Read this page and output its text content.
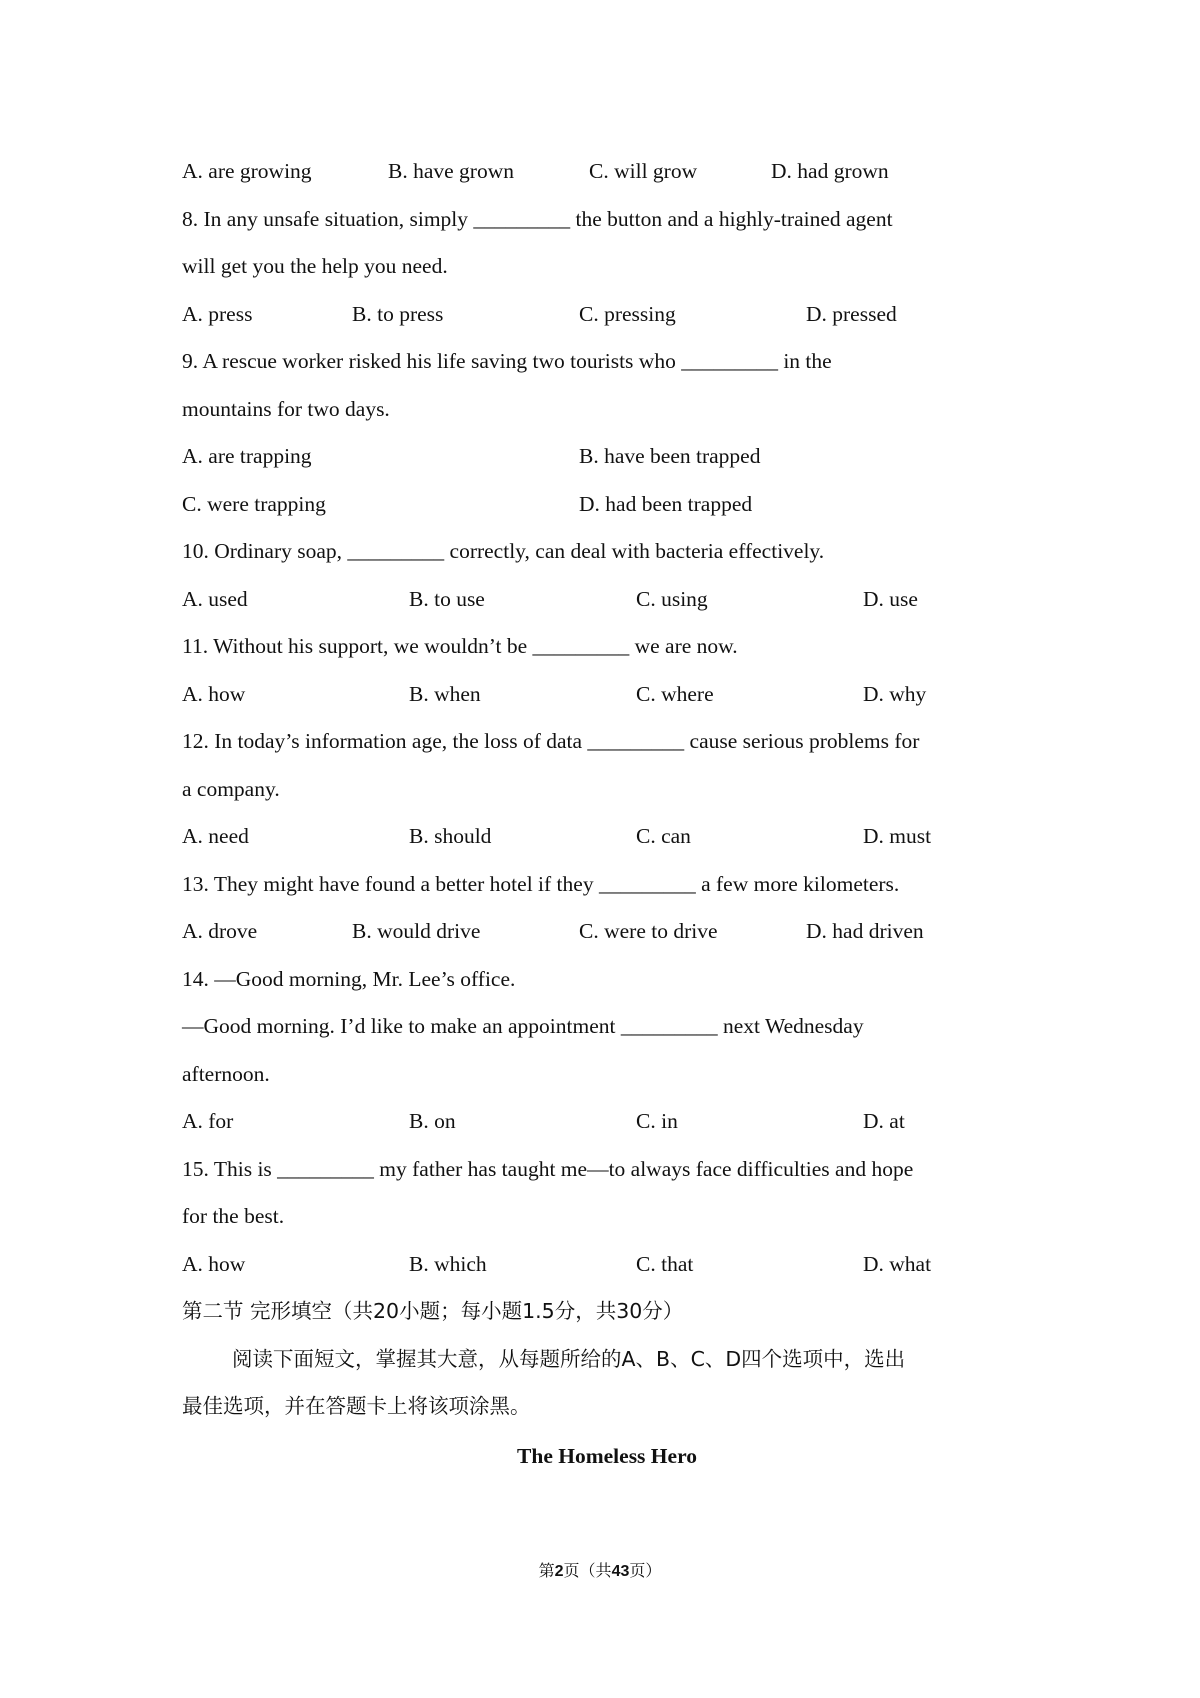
A. are growing	B. have grown	C. will grow	D. had grown
8. In any unsafe situation, simply _________ the button and a highly-trained agent
will get you the help you need.
A. press	B. to press	C. pressing	D. pressed
9. A rescue worker risked his life saving two tourists who _________ in the
mountains for two days.
A. are trapping	B. have been trapped
C. were trapping	D. had been trapped
10. Ordinary soap, _________ correctly, can deal with bacteria effectively.
A. used	B. to use	C. using	D. use
11. Without his support, we wouldn’t be _________ we are now.
A. how	B. when	C. where	D. why
12. In today’s information age, the loss of data _________ cause serious problems for
a company.
A. need	B. should	C. can	D. must
13. They might have found a better hotel if they _________ a few more kilometers.
A. drove	B. would drive	C. were to drive	D. had driven
14. —Good morning, Mr. Lee’s office.
—Good morning. I’d like to make an appointment _________ next Wednesday
afternoon.
A. for	B. on	C. in	D. at
15. This is _________ my father has taught me—to always face difficulties and hope
for the best.
A. how	B. which	C. that	D. what
第二节 完形填空（共20小题；每小题1.5分，共30分）
阅读下面短文，掌握其大意，从每题所给的A、B、C、D四个选项中，选出
最佳选项，并在答题卡上将该项涂黑。
The Homeless Hero
第2页（共43页）
